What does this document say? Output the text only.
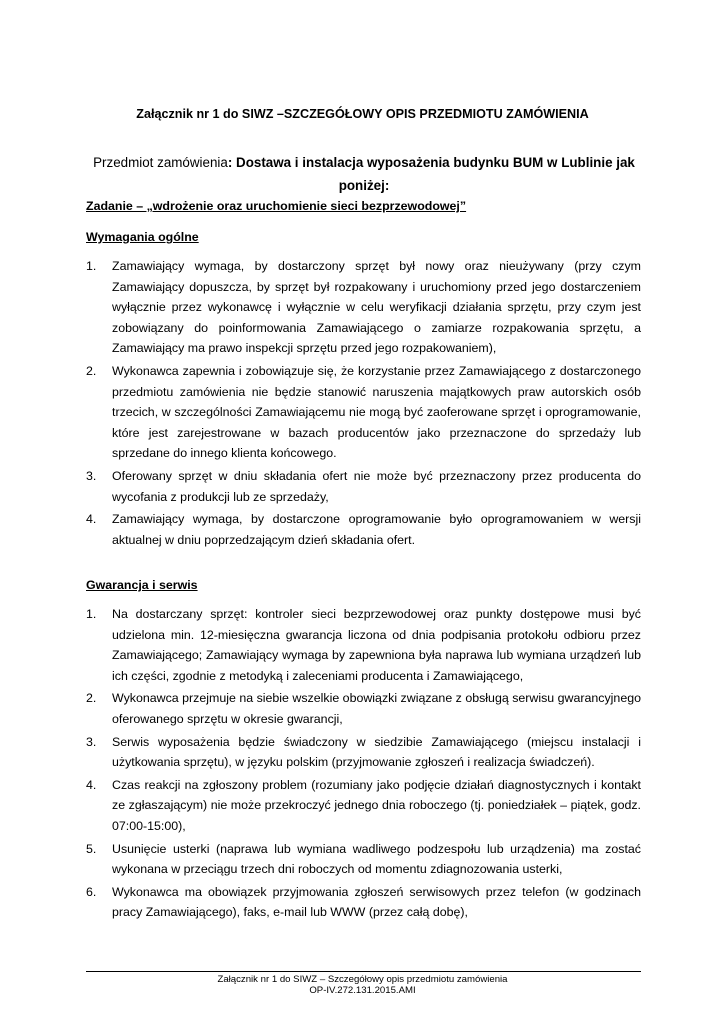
Załącznik nr 1 do SIWZ –SZCZEGÓŁOWY OPIS PRZEDMIOTU ZAMÓWIENIA
Przedmiot zamówienia: Dostawa i instalacja wyposażenia budynku BUM w Lublinie jak poniżej:
Zadanie – „wdrożenie oraz uruchomienie sieci bezprzewodowej”
Wymagania ogólne
1. Zamawiający wymaga, by dostarczony sprzęt był nowy oraz nieużywany (przy czym Zamawiający dopuszcza, by sprzęt był rozpakowany i uruchomiony przed jego dostarczeniem wyłącznie przez wykonawcę i wyłącznie w celu weryfikacji działania sprzętu, przy czym jest zobowiązany do poinformowania Zamawiającego o zamiarze rozpakowania sprzętu, a Zamawiający ma prawo inspekcji sprzętu przed jego rozpakowaniem),
2. Wykonawca zapewnia i zobowiązuje się, że korzystanie przez Zamawiającego z dostarczonego przedmiotu zamówienia nie będzie stanowić naruszenia majątkowych praw autorskich osób trzecich, w szczególności Zamawiającemu nie mogą być zaoferowane sprzęt i oprogramowanie, które jest zarejestrowane w bazach producentów jako przeznaczone do sprzedaży lub sprzedane do innego klienta końcowego.
3. Oferowany sprzęt w dniu składania ofert nie może być przeznaczony przez producenta do wycofania z produkcji lub ze sprzedaży,
4. Zamawiający wymaga, by dostarczone oprogramowanie było oprogramowaniem w wersji aktualnej w dniu poprzedzającym dzień składania ofert.
Gwarancja i serwis
1. Na dostarczany sprzęt: kontroler sieci bezprzewodowej oraz punkty dostępowe musi być udzielona min. 12-miesięczna gwarancja liczona od dnia podpisania protokołu odbioru przez Zamawiającego; Zamawiający wymaga by zapewniona była naprawa lub wymiana urządzeń lub ich części, zgodnie z metodyką i zaleceniami producenta i Zamawiającego,
2. Wykonawca przejmuje na siebie wszelkie obowiązki związane z obsługą serwisu gwarancyjnego oferowanego sprzętu w okresie gwarancji,
3. Serwis wyposażenia będzie świadczony w siedzibie Zamawiającego (miejscu instalacji i użytkowania sprzętu), w języku polskim (przyjmowanie zgłoszeń i realizacja świadczeń).
4. Czas reakcji na zgłoszony problem (rozumiany jako podjęcie działań diagnostycznych i kontakt ze zgłaszającym) nie może przekroczyć jednego dnia roboczego (tj. poniedziałek – piątek, godz. 07:00-15:00),
5. Usunięcie usterki (naprawa lub wymiana wadliwego podzespołu lub urządzenia) ma zostać wykonana w przeciągu trzech dni roboczych od momentu zdiagnozowania usterki,
6. Wykonawca ma obowiązek przyjmowania zgłoszeń serwisowych przez telefon (w godzinach pracy Zamawiającego), faks, e-mail lub WWW (przez całą dobę),
Załącznik nr 1 do SIWZ – Szczegółowy opis przedmiotu zamówienia
OP-IV.272.131.2015.AMI
